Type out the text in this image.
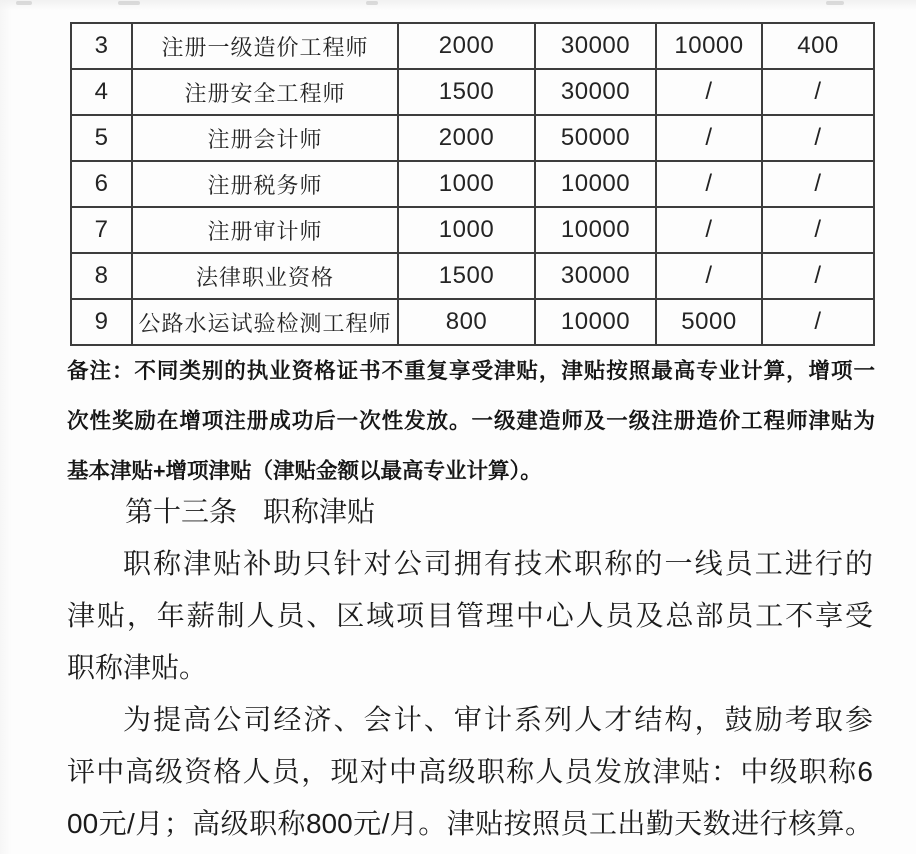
3	注册一级造价工程师	2000	30000	10000	400
4	注册安全工程师	1500	30000	/	/
5	注册会计师	2000	50000	/	/
6	注册税务师	1000	10000	/	/
7	注册审计师	1000	10000	/	/
8	法律职业资格	1500	30000	/	/
9	公路水运试验检测工程师	800	10000	5000	/
备注：不同类别的执业资格证书不重复享受津贴，津贴按照最高专业计算，增项一
次性奖励在增项注册成功后一次性发放。一级建造师及一级注册造价工程师津贴为
基本津贴+增项津贴（津贴金额以最高专业计算）。
第十三条 职称津贴
职称津贴补助只针对公司拥有技术职称的一线员工进行的
津贴，年薪制人员、区域项目管理中心人员及总部员工不享受
职称津贴。
为提高公司经济、会计、审计系列人才结构，鼓励考取参
评中高级资格人员，现对中高级职称人员发放津贴：中级职称6
00元/月；高级职称800元/月。津贴按照员工出勤天数进行核算。
